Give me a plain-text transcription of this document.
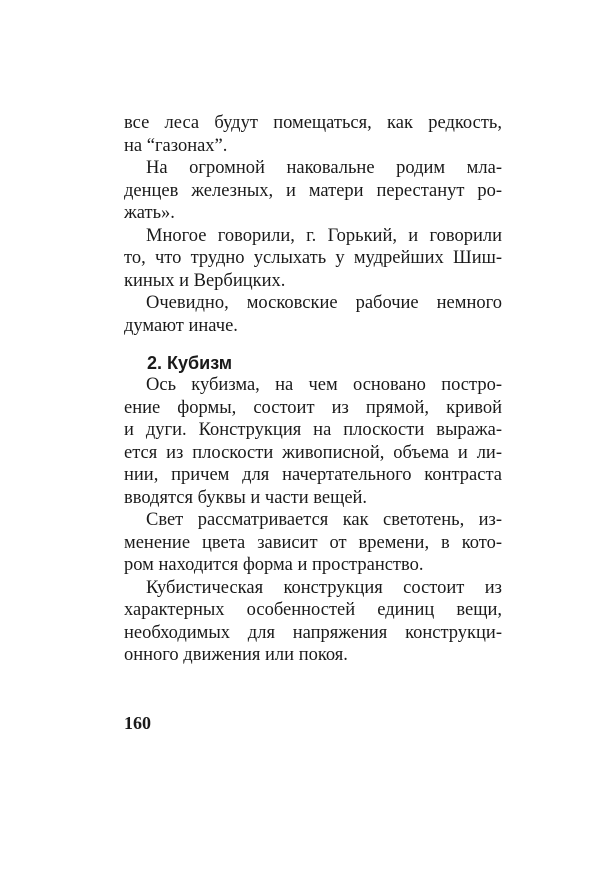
все леса будут помещаться, как редкость,
на “газонах”.
На огромной наковальне родим мла-
денцев железных, и матери перестанут ро-
жать».
Многое говорили, г. Горький, и говорили
то, что трудно услыхать у мудрейших Шиш-
киных и Вербицких.
Очевидно, московские рабочие немного
думают иначе.
2. Кубизм
Ось кубизма, на чем основано постро-
ение формы, состоит из прямой, кривой
и дуги. Конструкция на плоскости выража-
ется из плоскости живописной, объема и ли-
нии, причем для начертательного контраста
вводятся буквы и части вещей.
Свет рассматривается как светотень, из-
менение цвета зависит от времени, в кото-
ром находится форма и пространство.
Кубистическая конструкция состоит из
характерных особенностей единиц вещи,
необходимых для напряжения конструкци-
онного движения или покоя.
160
